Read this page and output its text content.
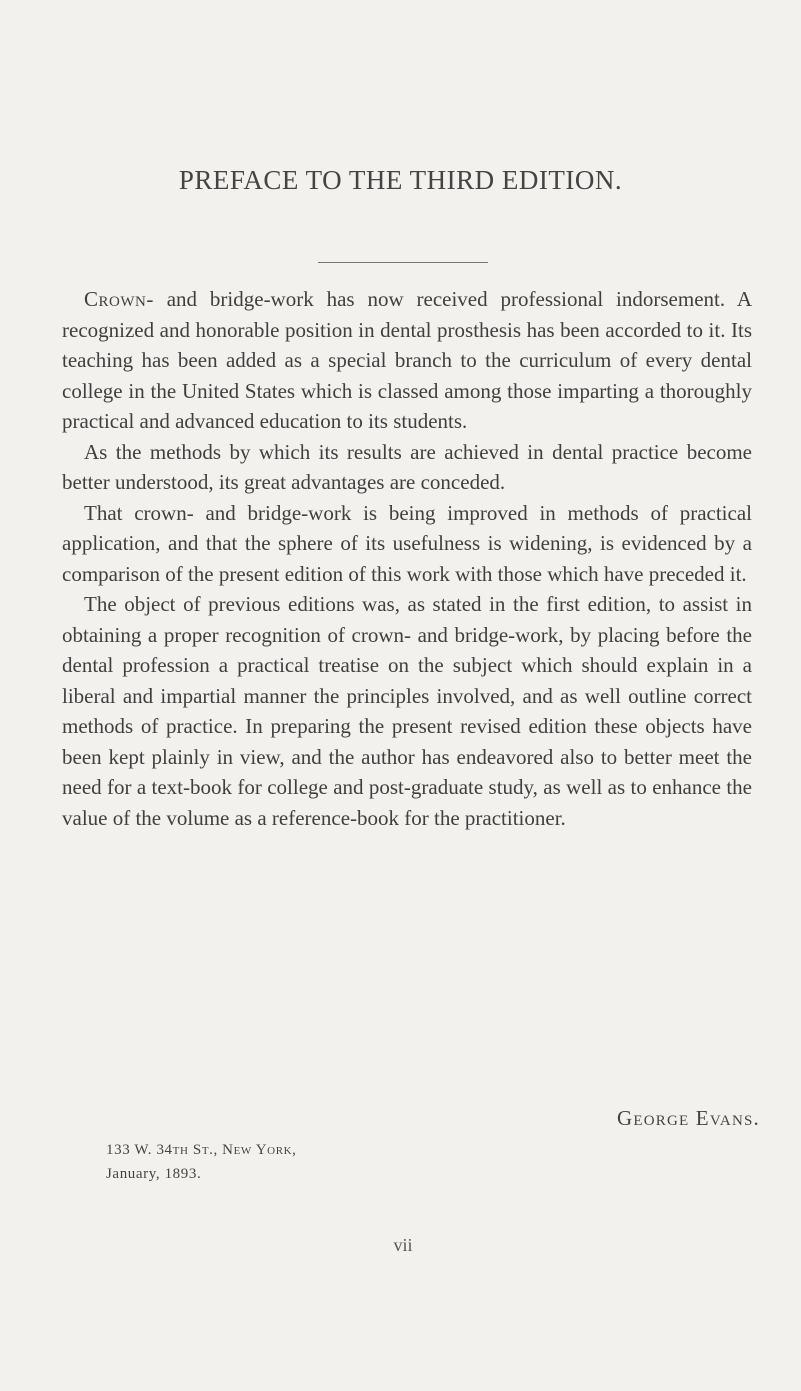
PREFACE TO THE THIRD EDITION.

Crown- and bridge-work has now received professional indorsement. A recognized and honorable position in dental prosthesis has been accorded to it. Its teaching has been added as a special branch to the curriculum of every dental college in the United States which is classed among those imparting a thoroughly practical and advanced education to its students.

As the methods by which its results are achieved in dental practice become better understood, its great advantages are conceded.

That crown- and bridge-work is being improved in methods of practical application, and that the sphere of its usefulness is widening, is evidenced by a comparison of the present edition of this work with those which have preceded it.

The object of previous editions was, as stated in the first edition, to assist in obtaining a proper recognition of crown- and bridge-work, by placing before the dental profession a practical treatise on the subject which should explain in a liberal and impartial manner the principles involved, and as well outline correct methods of practice. In preparing the present revised edition these objects have been kept plainly in view, and the author has endeavored also to better meet the need for a text-book for college and post-graduate study, as well as to enhance the value of the volume as a reference-book for the practitioner.

George Evans.
133 W. 34th St., New York,
January, 1893.
vii
